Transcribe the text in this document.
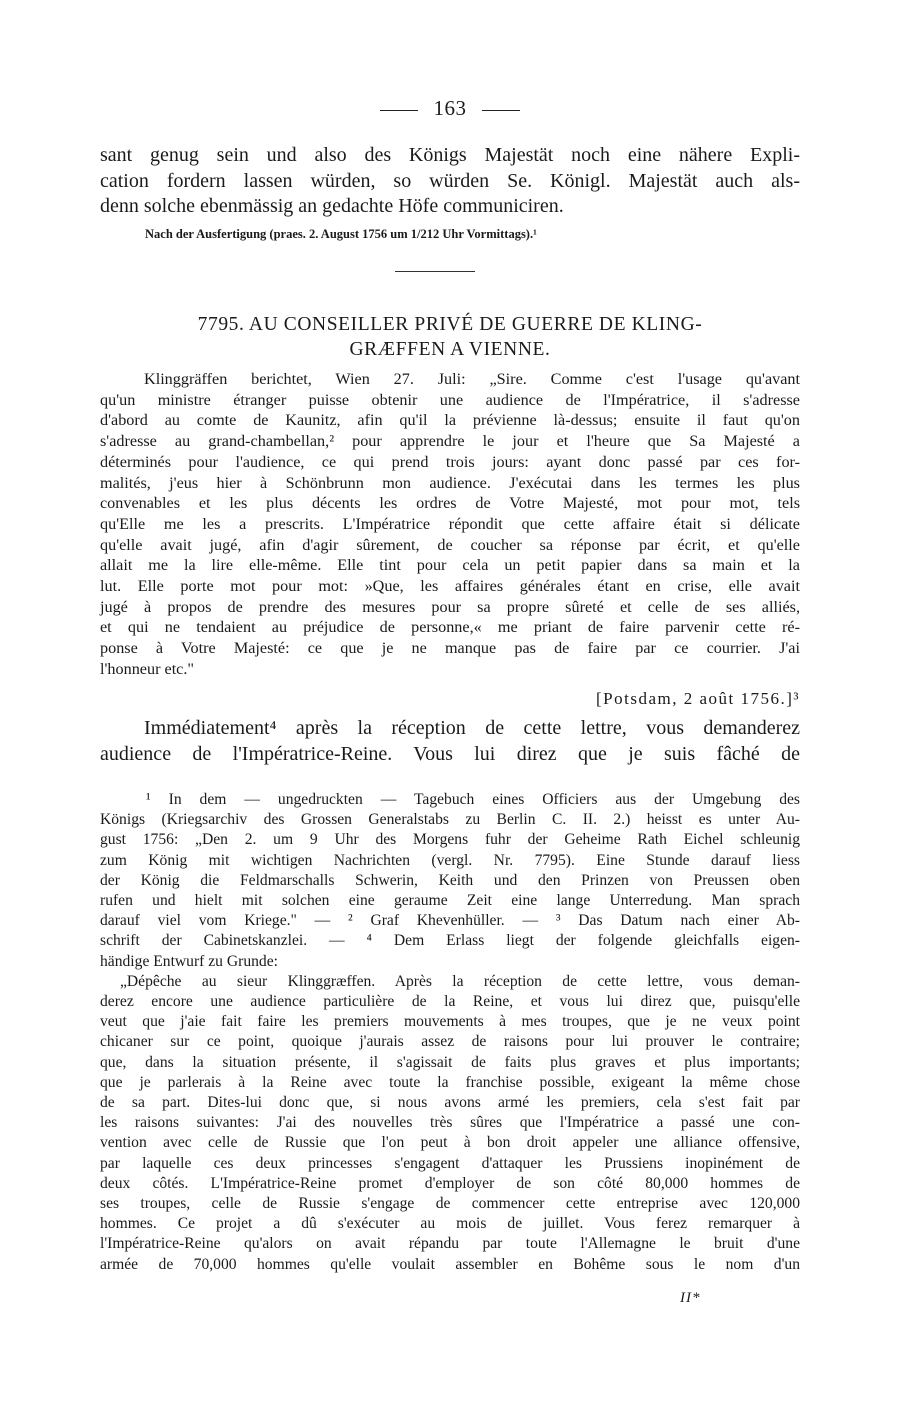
163
sant genug sein und also des Königs Majestät noch eine nähere Expli-
cation fordern lassen würden, so würden Se. Königl. Majestät auch als-
denn solche ebenmässig an gedachte Höfe communiciren.
Nach der Ausfertigung (praes. 2. August 1756 um 1/212 Uhr Vormittags).¹
7795. AU CONSEILLER PRIVÉ DE GUERRE DE KLING-
GRÆFFEN A VIENNE.
Klinggräffen berichtet, Wien 27. Juli: „Sire. Comme c'est l'usage qu'avant
qu'un ministre étranger puisse obtenir une audience de l'Impératrice, il s'adresse
d'abord au comte de Kaunitz, afin qu'il la prévienne là-dessus; ensuite il faut qu'on
s'adresse au grand-chambellan,² pour apprendre le jour et l'heure que Sa Majesté a
déterminés pour l'audience, ce qui prend trois jours: ayant donc passé par ces for-
malités, j'eus hier à Schönbrunn mon audience. J'exécutai dans les termes les plus
convenables et les plus décents les ordres de Votre Majesté, mot pour mot, tels
qu'Elle me les a prescrits. L'Impératrice répondit que cette affaire était si délicate
qu'elle avait jugé, afin d'agir sûrement, de coucher sa réponse par écrit, et qu'elle
allait me la lire elle-même. Elle tint pour cela un petit papier dans sa main et la
lut. Elle porte mot pour mot: »Que, les affaires générales étant en crise, elle avait
jugé à propos de prendre des mesures pour sa propre sûreté et celle de ses alliés,
et qui ne tendaient au préjudice de personne,« me priant de faire parvenir cette ré-
ponse à Votre Majesté: ce que je ne manque pas de faire par ce courrier. J'ai
l'honneur etc."
[Potsdam, 2 août 1756.]³
Immédiatement⁴ après la réception de cette lettre, vous demanderez
audience de l'Impératrice-Reine. Vous lui direz que je suis fâché de
¹ In dem — ungedruckten — Tagebuch eines Officiers aus der Umgebung des
Königs (Kriegsarchiv des Grossen Generalstabs zu Berlin C. II. 2.) heisst es unter Au-
gust 1756: „Den 2. um 9 Uhr des Morgens fuhr der Geheime Rath Eichel schleunig
zum König mit wichtigen Nachrichten (vergl. Nr. 7795). Eine Stunde darauf liess
der König die Feldmarschalls Schwerin, Keith und den Prinzen von Preussen oben
rufen und hielt mit solchen eine geraume Zeit eine lange Unterredung. Man sprach
darauf viel vom Kriege." — ² Graf Khevenhüller. — ³ Das Datum nach einer Ab-
schrift der Cabinetskanzlei. — ⁴ Dem Erlass liegt der folgende gleichfalls eigen-
händige Entwurf zu Grunde:
„Dépêche au sieur Klinggræffen. Après la réception de cette lettre, vous deman-
derez encore une audience particulière de la Reine, et vous lui direz que, puisqu'elle
veut que j'aie fait faire les premiers mouvements à mes troupes, que je ne veux point
chicaner sur ce point, quoique j'aurais assez de raisons pour lui prouver le contraire;
que, dans la situation présente, il s'agissait de faits plus graves et plus importants;
que je parlerais à la Reine avec toute la franchise possible, exigeant la même chose
de sa part. Dites-lui donc que, si nous avons armé les premiers, cela s'est fait par
les raisons suivantes: J'ai des nouvelles très sûres que l'Impératrice a passé une con-
vention avec celle de Russie que l'on peut à bon droit appeler une alliance offensive,
par laquelle ces deux princesses s'engagent d'attaquer les Prussiens inopinément de
deux côtés. L'Impératrice-Reine promet d'employer de son côté 80,000 hommes de
ses troupes, celle de Russie s'engage de commencer cette entreprise avec 120,000
hommes. Ce projet a dû s'exécuter au mois de juillet. Vous ferez remarquer à
l'Impératrice-Reine qu'alors on avait répandu par toute l'Allemagne le bruit d'une
armée de 70,000 hommes qu'elle voulait assembler en Bohême sous le nom d'un
II*
